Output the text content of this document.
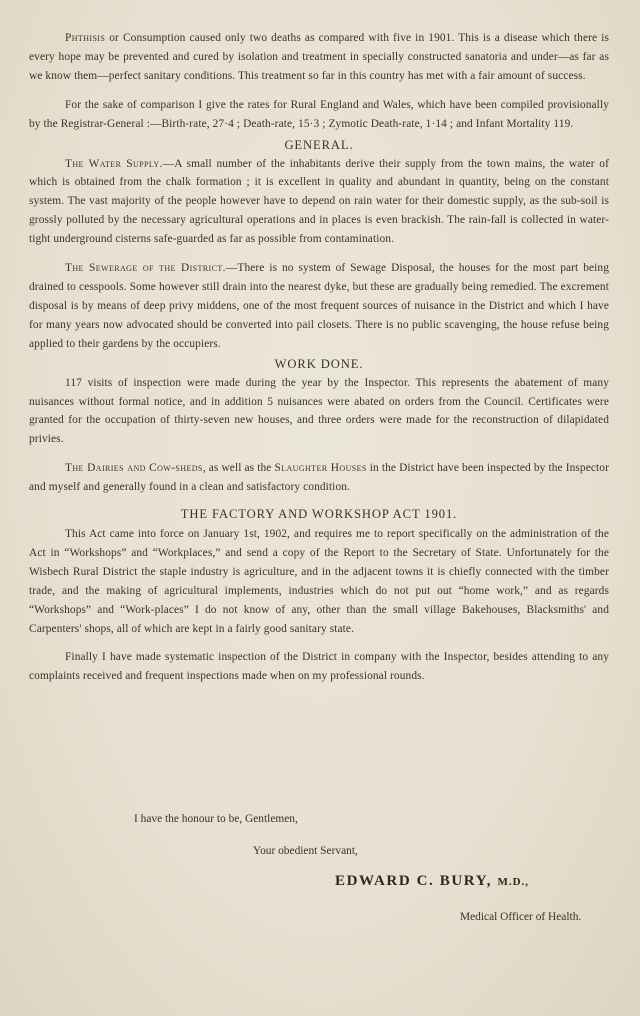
Phthisis or Consumption caused only two deaths as compared with five in 1901. This is a disease which there is every hope may be prevented and cured by isolation and treatment in specially constructed sanatoria and under—as far as we know them—perfect sanitary conditions. This treatment so far in this country has met with a fair amount of success.

For the sake of comparison I give the rates for Rural England and Wales, which have been compiled provisionally by the Registrar-General :—Birth-rate, 27·4 ; Death-rate, 15·3 ; Zymotic Death-rate, 1·14 ; and Infant Mortality 119.

GENERAL.

The Water Supply.—A small number of the inhabitants derive their supply from the town mains, the water of which is obtained from the chalk formation ; it is excellent in quality and abundant in quantity, being on the constant system. The vast majority of the people however have to depend on rain water for their domestic supply, as the sub-soil is grossly polluted by the necessary agricultural operations and in places is even brackish. The rain-fall is collected in water-tight underground cisterns safe-guarded as far as possible from contamination.

The Sewerage of the District.—There is no system of Sewage Disposal, the houses for the most part being drained to cesspools. Some however still drain into the nearest dyke, but these are gradually being remedied. The excrement disposal is by means of deep privy middens, one of the most frequent sources of nuisance in the District and which I have for many years now advocated should be converted into pail closets. There is no public scavenging, the house refuse being applied to their gardens by the occupiers.

WORK DONE.

117 visits of inspection were made during the year by the Inspector. This represents the abatement of many nuisances without formal notice, and in addition 5 nuisances were abated on orders from the Council. Certificates were granted for the occupation of thirty-seven new houses, and three orders were made for the reconstruction of dilapidated privies.

The Dairies and Cow-sheds, as well as the Slaughter Houses in the District have been inspected by the Inspector and myself and generally found in a clean and satisfactory condition.

THE FACTORY AND WORKSHOP ACT 1901.

This Act came into force on January 1st, 1902, and requires me to report specifically on the administration of the Act in “Workshops” and “Workplaces,” and send a copy of the Report to the Secretary of State. Unfortunately for the Wisbech Rural District the staple industry is agriculture, and in the adjacent towns it is chiefly connected with the timber trade, and the making of agricultural implements, industries which do not put out “home work,” and as regards “Workshops” and “Work-places” I do not know of any, other than the small village Bakehouses, Blacksmiths' and Carpenters' shops, all of which are kept in a fairly good sanitary state.

Finally I have made systematic inspection of the District in company with the Inspector, besides attending to any complaints received and frequent inspections made when on my professional rounds.

I have the honour to be, Gentlemen,
Your obedient Servant,
EDWARD C. BURY, M.D.,
Medical Officer of Health.
